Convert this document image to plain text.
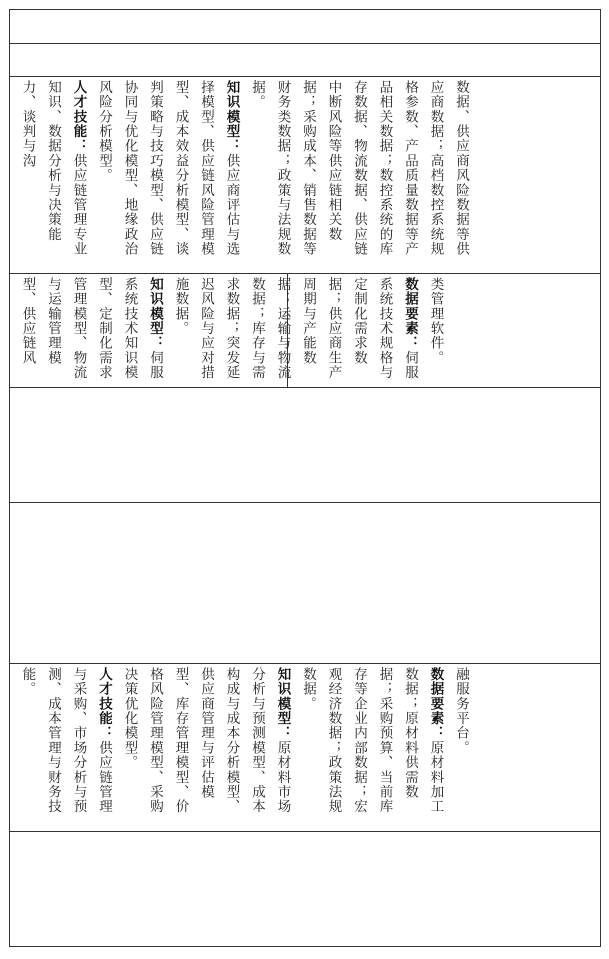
数据、供应商风险数据等供应商数据；高档数控系统规格参数、产品质量数据等产品相关数据；数控系统的库存数据、物流数据、供应链中断风险等供应链相关数据；采购成本、销售数据等财务类数据；政策与法规数据。
知识模型：供应商评估与选择模型、供应链风险管理模型、成本效益分析模型、谈判策略与技巧模型、供应链协同与优化模型、地缘政治风险分析模型。
人才技能：供应链管理专业知识、数据分析与决策能力、谈判与沟
类管理软件。
数据要素：伺服系统技术规格与定制化需求数据；供应商生产周期与产能数据；运输与物流数据；库存与需求数据；突发延迟风险与应对措施数据。
知识模型：伺服系统技术知识模型、定制化需求管理模型、物流与运输管理模型、供应链风
融服务平台。
数据要素：原材料加工数据；原材料供需数据；采购预算、当前库存等企业内部数据；宏观经济数据；政策法规数据。
知识模型：原材料市场分析与预测模型、成本构成与成本分析模型、供应商管理与评估模型、库存管理模型、价格风险管理模型、采购决策优化模型。
人才技能：供应链管理与采购、市场分析与预测、成本管理与财务技能。
